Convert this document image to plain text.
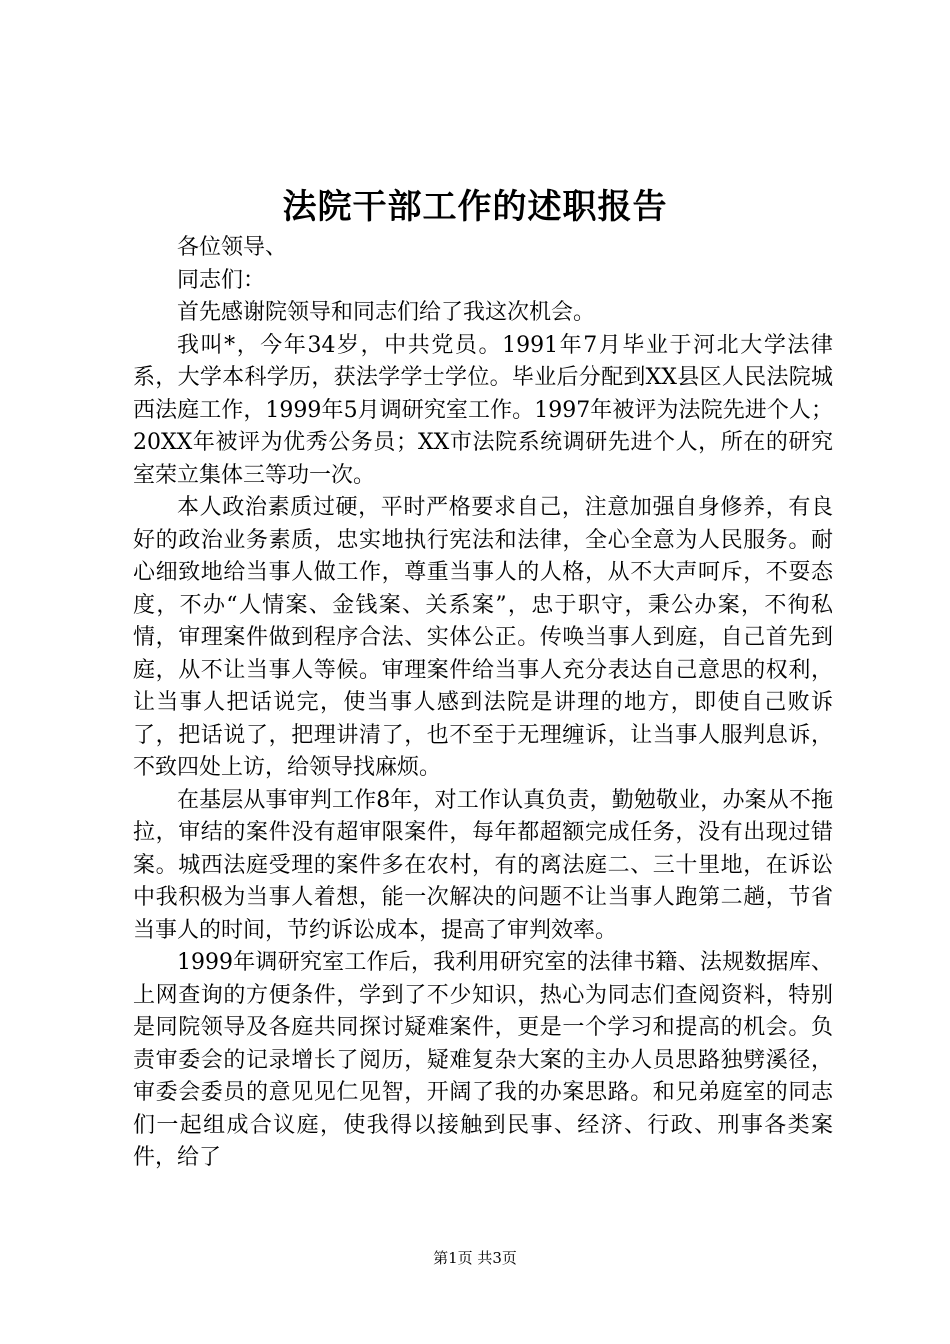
法院干部工作的述职报告

各位领导、

同志们：

首先感谢院领导和同志们给了我这次机会。

我叫*，今年34岁，中共党员。1991年7月毕业于河北大学法律系，大学本科学历，获法学学士学位。毕业后分配到XX县区人民法院城西法庭工作，1999年5月调研究室工作。1997年被评为法院先进个人；20XX年被评为优秀公务员；XX市法院系统调研先进个人，所在的研究室荣立集体三等功一次。

本人政治素质过硬，平时严格要求自己，注意加强自身修养，有良好的政治业务素质，忠实地执行宪法和法律，全心全意为人民服务。耐心细致地给当事人做工作，尊重当事人的人格，从不大声呵斥，不耍态度，不办“人情案、金钱案、关系案”，忠于职守，秉公办案，不徇私情，审理案件做到程序合法、实体公正。传唤当事人到庭，自己首先到庭，从不让当事人等候。审理案件给当事人充分表达自己意思的权利，让当事人把话说完，使当事人感到法院是讲理的地方，即使自己败诉了，把话说了，把理讲清了，也不至于无理缠诉，让当事人服判息诉，不致四处上访，给领导找麻烦。

在基层从事审判工作8年，对工作认真负责，勤勉敬业，办案从不拖拉，审结的案件没有超审限案件，每年都超额完成任务，没有出现过错案。城西法庭受理的案件多在农村，有的离法庭二、三十里地，在诉讼中我积极为当事人着想，能一次解决的问题不让当事人跑第二趟，节省当事人的时间，节约诉讼成本，提高了审判效率。

1999年调研究室工作后，我利用研究室的法律书籍、法规数据库、上网查询的方便条件，学到了不少知识，热心为同志们查阅资料，特别是同院领导及各庭共同探讨疑难案件，更是一个学习和提高的机会。负责审委会的记录增长了阅历，疑难复杂大案的主办人员思路独劈溪径，审委会委员的意见见仁见智，开阔了我的办案思路。和兄弟庭室的同志们一起组成合议庭，使我得以接触到民事、经济、行政、刑事各类案件，给了

第1页 共3页
